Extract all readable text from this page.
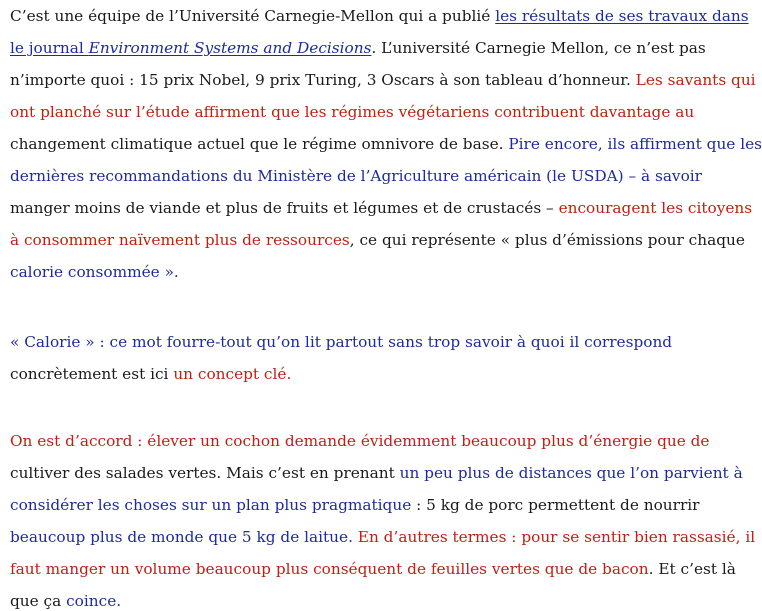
C’est une équipe de l’Université Carnegie-Mellon qui a publié les résultats de ses travaux dans
le journal Environment Systems and Decisions. L’université Carnegie Mellon, ce n’est pas
n’importe quoi : 15 prix Nobel, 9 prix Turing, 3 Oscars à son tableau d’honneur. Les savants qui
ont planché sur l’étude affirment que les régimes végétariens contribuent davantage au
changement climatique actuel que le régime omnivore de base. Pire encore, ils affirment que les
dernières recommandations du Ministère de l’Agriculture américain (le USDA) – à savoir
manger moins de viande et plus de fruits et légumes et de crustacés – encouragent les citoyens
à consommer naïvement plus de ressources, ce qui représente « plus d’émissions pour chaque
calorie consommée ».
« Calorie » : ce mot fourre-tout qu’on lit partout sans trop savoir à quoi il correspond
concrètement est ici un concept clé.
On est d’accord : élever un cochon demande évidemment beaucoup plus d’énergie que de
cultiver des salades vertes. Mais c’est en prenant un peu plus de distances que l’on parvient à
considérer les choses sur un plan plus pragmatique : 5 kg de porc permettent de nourrir
beaucoup plus de monde que 5 kg de laitue. En d’autres termes : pour se sentir bien rassasié, il
faut manger un volume beaucoup plus conséquent de feuilles vertes que de bacon. Et c’est là
que ça coince.
